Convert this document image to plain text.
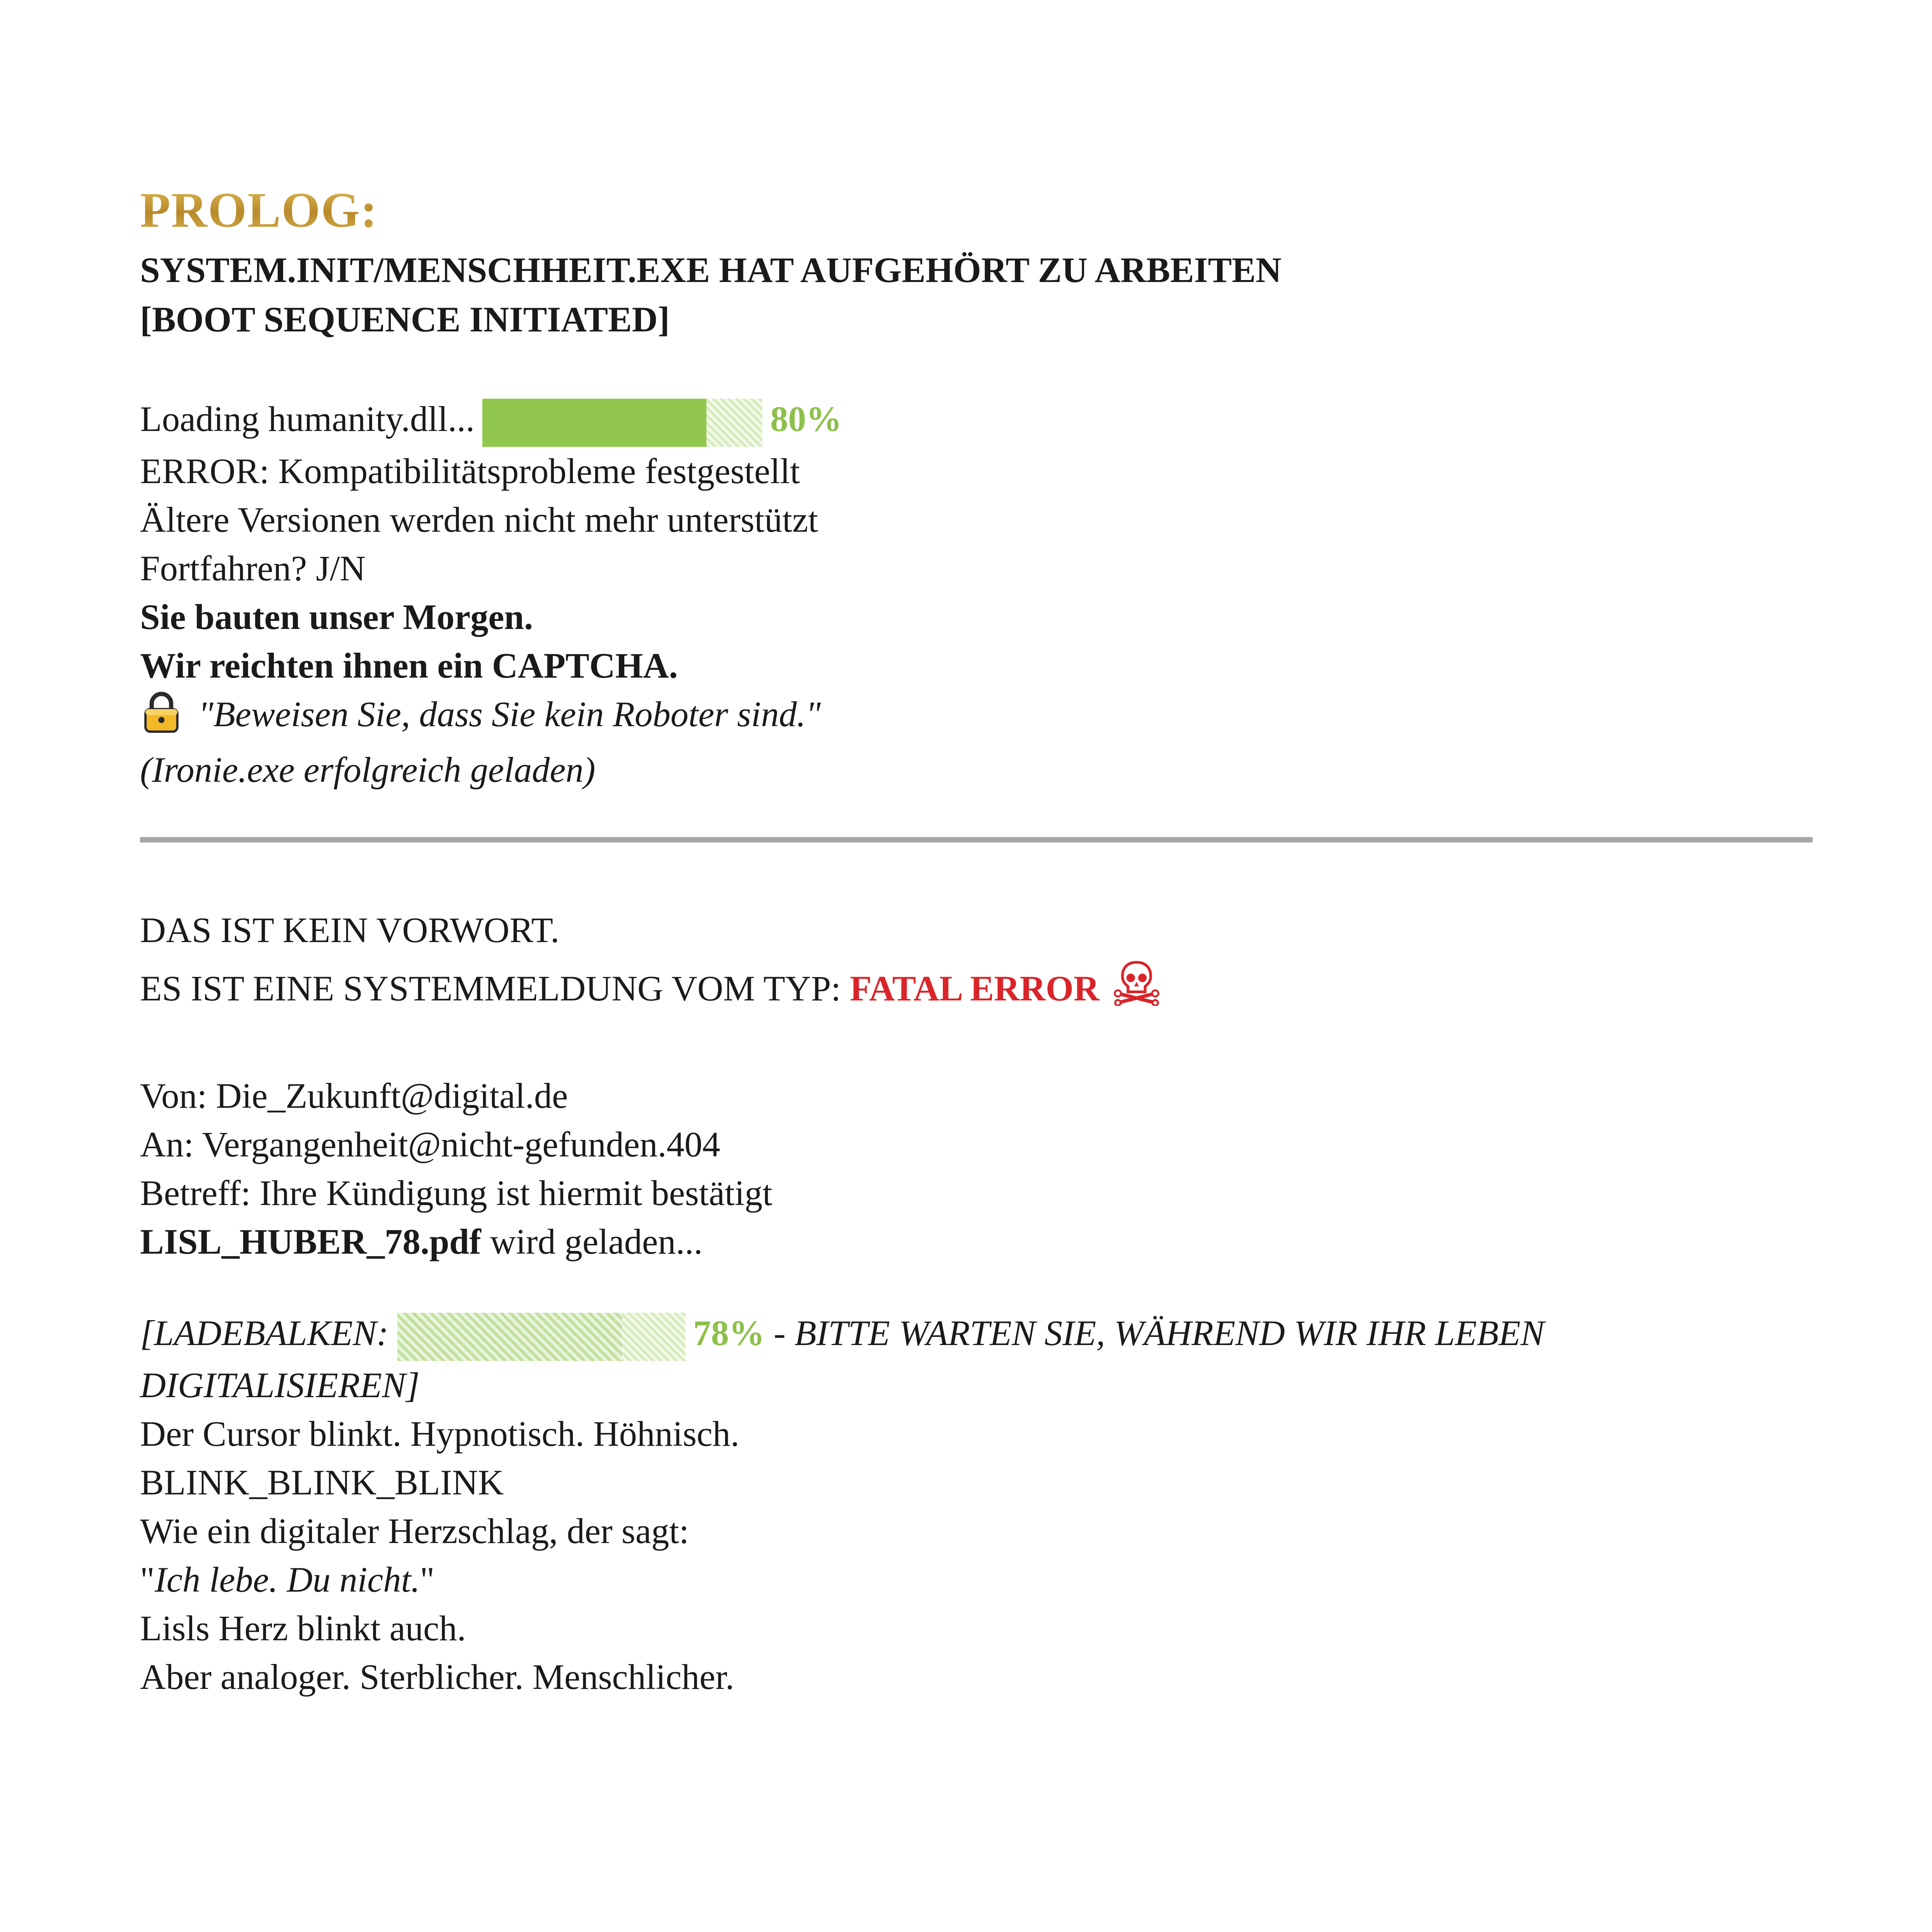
PROLOG:

SYSTEM.INIT/MENSCHHEIT.EXE HAT AUFGEHÖRT ZU ARBEITEN

[BOOT SEQUENCE INITIATED]

Loading humanity.dll...	80%

ERROR: Kompatibilitätsprobleme festgestellt

Ältere Versionen werden nicht mehr unterstützt

Fortfahren? J/N

Sie bauten unser Morgen.

Wir reichten ihnen ein CAPTCHA.

"Beweisen Sie, dass Sie kein Roboter sind."

(Ironie.exe erfolgreich geladen)

DAS IST KEIN VORWORT.

ES IST EINE SYSTEMMELDUNG VOM TYP: FATAL ERROR

Von: Die_Zukunft@digital.de

An: Vergangenheit@nicht-gefunden.404

Betreff: Ihre Kündigung ist hiermit bestätigt

LISL_HUBER_78.pdf wird geladen...

[LADEBALKEN:	78% - BITTE WARTEN SIE, WÄHREND WIR IHR LEBEN

DIGITALISIEREN]

Der Cursor blinkt. Hypnotisch. Höhnisch.

BLINK_BLINK_BLINK

Wie ein digitaler Herzschlag, der sagt:

"Ich lebe. Du nicht."

Lisls Herz blinkt auch.

Aber analoger. Sterblicher. Menschlicher.
